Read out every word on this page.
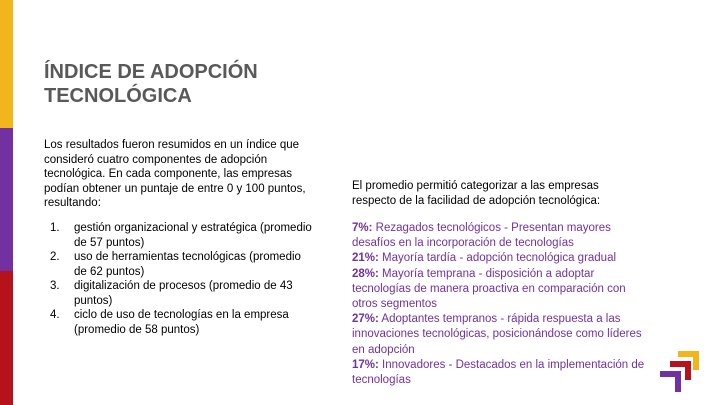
ÍNDICE DE ADOPCIÓN
TECNOLÓGICA

Los resultados fueron resumidos en un índice que consideró cuatro componentes de adopción tecnológica. En cada componente, las empresas podían obtener un puntaje de entre 0 y 100 puntos, resultando:

1. gestión organizacional y estratégica (promedio de 57 puntos)
2. uso de herramientas tecnológicas (promedio de 62 puntos)
3. digitalización de procesos (promedio de 43 puntos)
4. ciclo de uso de tecnologías en la empresa (promedio de 58 puntos)

El promedio permitió categorizar a las empresas respecto de la facilidad de adopción tecnológica:

7%: Rezagados tecnológicos - Presentan mayores desafíos en la incorporación de tecnologías
21%: Mayoría tardía - adopción tecnológica gradual
28%: Mayoría temprana - disposición a adoptar tecnologías de manera proactiva en comparación con otros segmentos
27%: Adoptantes tempranos - rápida respuesta a las innovaciones tecnológicas, posicionándose como líderes en adopción
17%: Innovadores - Destacados en la implementación de tecnologías
